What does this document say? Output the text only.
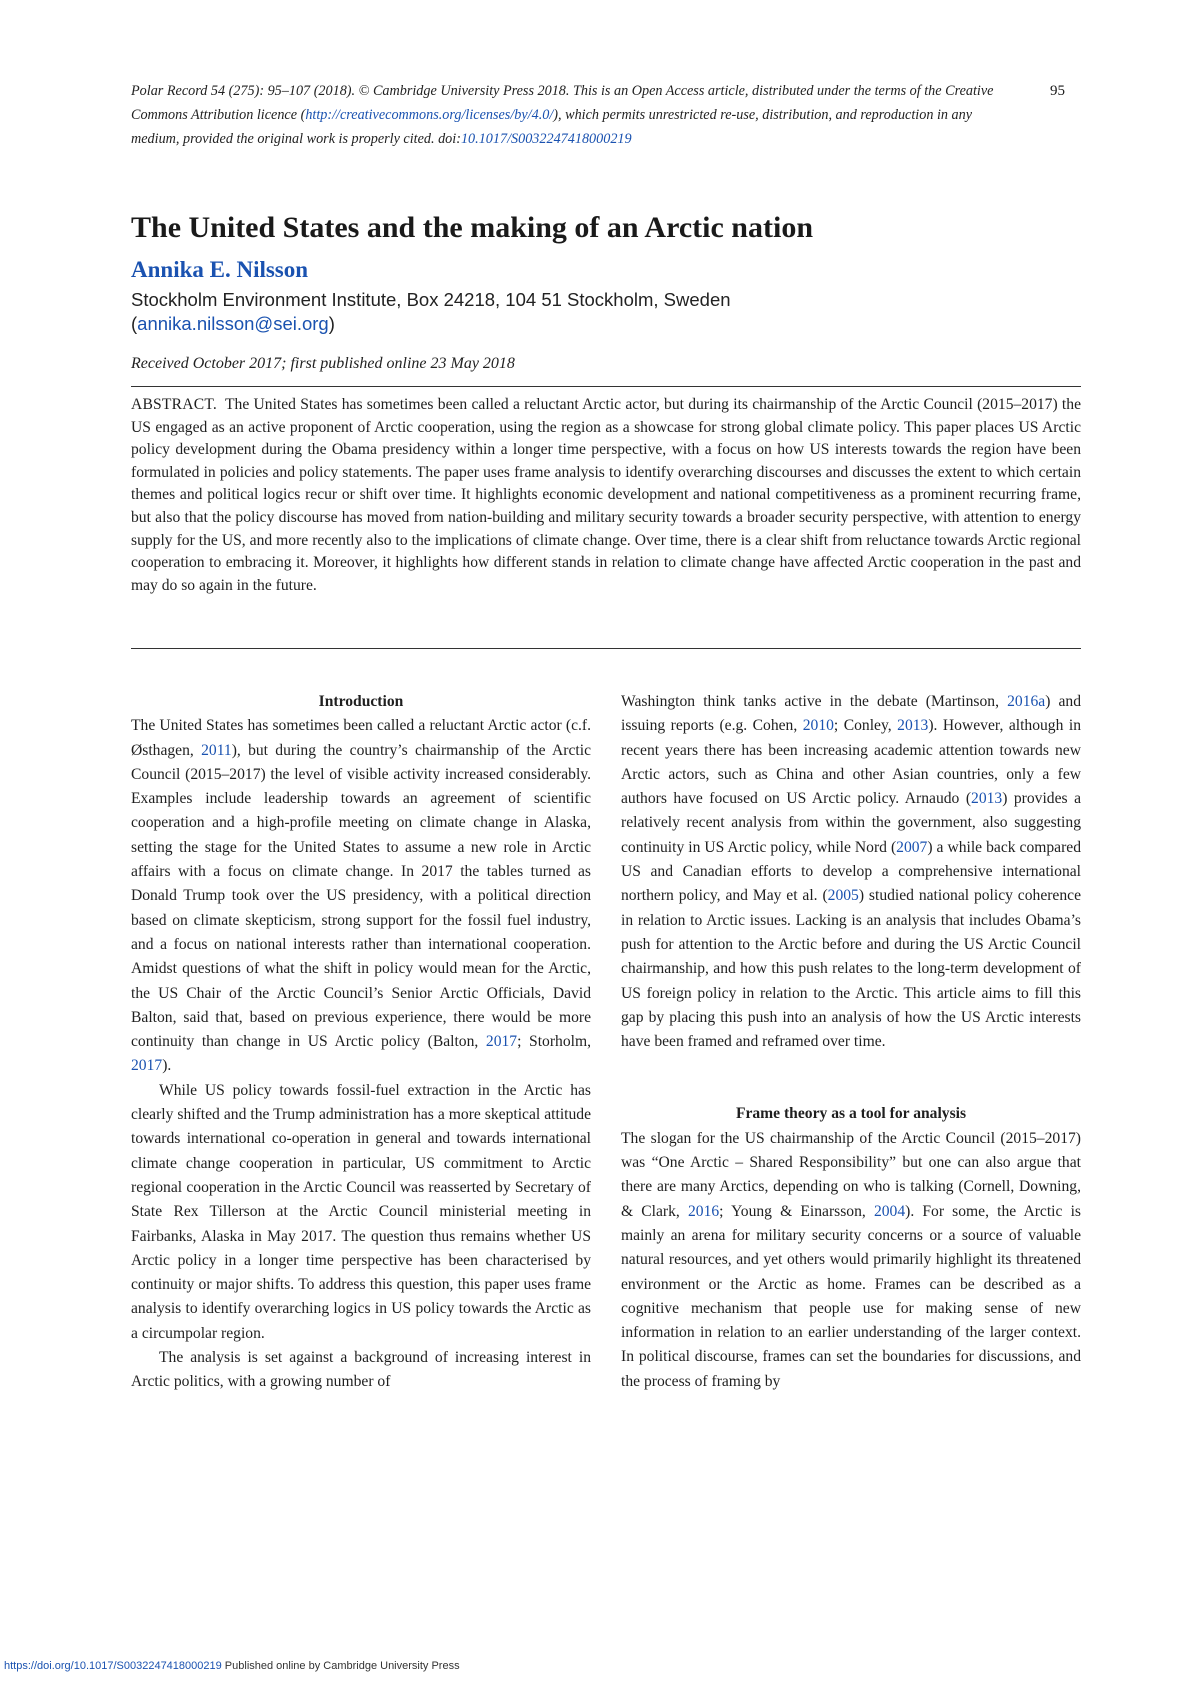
Polar Record 54 (275): 95–107 (2018). © Cambridge University Press 2018. This is an Open Access article, distributed under the terms of the Creative Commons Attribution licence (http://creativecommons.org/licenses/by/4.0/), which permits unrestricted re-use, distribution, and reproduction in any medium, provided the original work is properly cited. doi:10.1017/S0032247418000219
95
The United States and the making of an Arctic nation
Annika E. Nilsson
Stockholm Environment Institute, Box 24218, 104 51 Stockholm, Sweden
(annika.nilsson@sei.org)
Received October 2017; first published online 23 May 2018

ABSTRACT. The United States has sometimes been called a reluctant Arctic actor, but during its chairmanship of the Arctic Council (2015–2017) the US engaged as an active proponent of Arctic cooperation, using the region as a showcase for strong global climate policy. This paper places US Arctic policy development during the Obama presidency within a longer time perspective, with a focus on how US interests towards the region have been formulated in policies and policy statements. The paper uses frame analysis to identify overarching discourses and discusses the extent to which certain themes and political logics recur or shift over time. It highlights economic development and national competitiveness as a prominent recurring frame, but also that the policy discourse has moved from nation-building and military security towards a broader security perspective, with attention to energy supply for the US, and more recently also to the implications of climate change. Over time, there is a clear shift from reluctance towards Arctic regional cooperation to embracing it. Moreover, it highlights how different stands in relation to climate change have affected Arctic cooperation in the past and may do so again in the future.

Introduction

The United States has sometimes been called a reluctant Arctic actor (c.f. Østhagen, 2011), but during the country’s chairmanship of the Arctic Council (2015–2017) the level of visible activity increased considerably. Examples include leadership towards an agreement of scientific cooperation and a high-profile meeting on climate change in Alaska, setting the stage for the United States to assume a new role in Arctic affairs with a focus on climate change. In 2017 the tables turned as Donald Trump took over the US presidency, with a political direction based on climate skepticism, strong support for the fossil fuel industry, and a focus on national interests rather than international cooperation. Amidst questions of what the shift in policy would mean for the Arctic, the US Chair of the Arctic Council’s Senior Arctic Officials, David Balton, said that, based on previous experience, there would be more continuity than change in US Arctic policy (Balton, 2017; Storholm, 2017).

While US policy towards fossil-fuel extraction in the Arctic has clearly shifted and the Trump administration has a more skeptical attitude towards international co-operation in general and towards international climate change cooperation in particular, US commitment to Arctic regional cooperation in the Arctic Council was reasserted by Secretary of State Rex Tillerson at the Arctic Council ministerial meeting in Fairbanks, Alaska in May 2017. The question thus remains whether US Arctic policy in a longer time perspective has been characterised by continuity or major shifts. To address this question, this paper uses frame analysis to identify overarching logics in US policy towards the Arctic as a circumpolar region.

The analysis is set against a background of increasing interest in Arctic politics, with a growing number of

Washington think tanks active in the debate (Martinson, 2016a) and issuing reports (e.g. Cohen, 2010; Conley, 2013). However, although in recent years there has been increasing academic attention towards new Arctic actors, such as China and other Asian countries, only a few authors have focused on US Arctic policy. Arnaudo (2013) provides a relatively recent analysis from within the government, also suggesting continuity in US Arctic policy, while Nord (2007) a while back compared US and Canadian efforts to develop a comprehensive international northern policy, and May et al. (2005) studied national policy coherence in relation to Arctic issues. Lacking is an analysis that includes Obama’s push for attention to the Arctic before and during the US Arctic Council chairmanship, and how this push relates to the long-term development of US foreign policy in relation to the Arctic. This article aims to fill this gap by placing this push into an analysis of how the US Arctic interests have been framed and reframed over time.

Frame theory as a tool for analysis

The slogan for the US chairmanship of the Arctic Council (2015–2017) was “One Arctic – Shared Responsibility” but one can also argue that there are many Arctics, depending on who is talking (Cornell, Downing, & Clark, 2016; Young & Einarsson, 2004). For some, the Arctic is mainly an arena for military security concerns or a source of valuable natural resources, and yet others would primarily highlight its threatened environment or the Arctic as home. Frames can be described as a cognitive mechanism that people use for making sense of new information in relation to an earlier understanding of the larger context. In political discourse, frames can set the boundaries for discussions, and the process of framing by

https://doi.org/10.1017/S0032247418000219 Published online by Cambridge University Press
